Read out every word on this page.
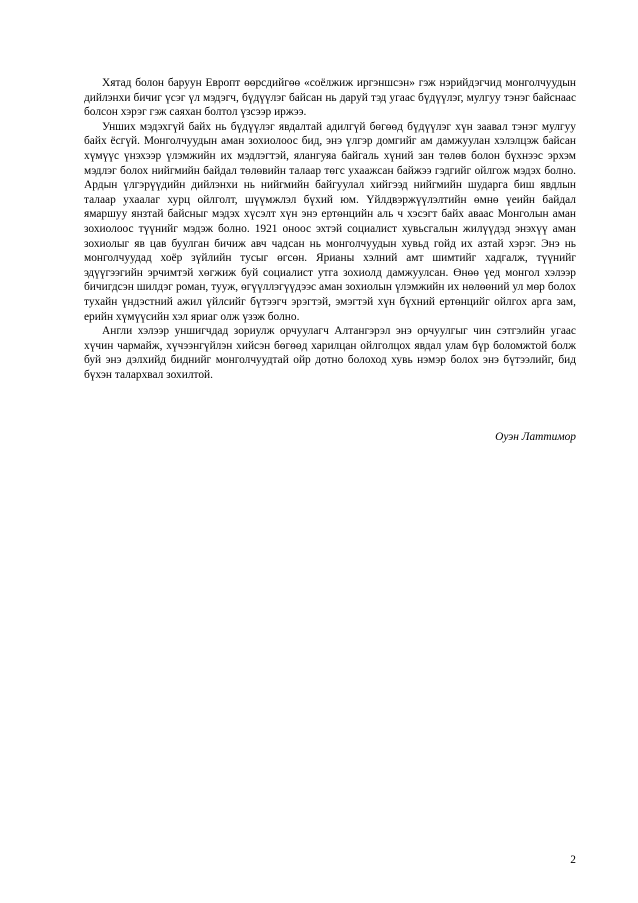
Хятад болон баруун Европт өөрсдийгөө «соёлжиж иргэншсэн» гэж нэрийдэгчид монголчуудын дийлэнхи бичиг үсэг үл мэдэгч, бүдүүлэг байсан нь даруй тэд угаас бүдүүлэг, мулгуу тэнэг байснаас болсон хэрэг гэж саяхан болтол үзсээр иржээ.

Унших мэдэхгүй байх нь бүдүүлэг явдалтай адилгүй бөгөөд бүдүүлэг хүн заавал тэнэг мулгуу байх ёсгүй. Монголчуудын аман зохиолоос бид, энэ үлгэр домгийг ам дамжуулан хэлэлцэж байсан хүмүүс үнэхээр үлэмжийн их мэдлэгтэй, ялангуяа байгаль хүний зан төлөв болон бүхнээс эрхэм мэдлэг болох нийгмийн байдал төлөвийн талаар төгс ухаажсан байжээ гэдгийг ойлгож мэдэх болно. Ардын үлгэрүүдийн дийлэнхи нь нийгмийн байгуулал хийгээд нийгмийн шударга биш явдлын талаар ухаалаг хурц ойлголт, шүүмжлэл бүхий юм. Үйлдвэржүүлэлтийн өмнө үеийн байдал ямаршуу янзтай байсныг мэдэх хүсэлт хүн энэ ертөнцийн аль ч хэсэгт байх аваас Монголын аман зохиолоос түүнийг мэдэж болно. 1921 оноос эхтэй социалист хувьсгалын жилүүдэд энэхүү аман зохиолыг яв цав буулган бичиж авч чадсан нь монголчуудын хувьд гойд их азтай хэрэг. Энэ нь монголчуудад хоёр зүйлийн тусыг өгсөн. Ярианы хэлний амт шимтийг хадгалж, түүнийг эдүүгээгийн эрчимтэй хөгжиж буй социалист утга зохиолд дамжуулсан. Өнөө үед монгол хэлээр бичигдсэн шилдэг роман, тууж, өгүүллэгүүдээс аман зохиолын үлэмжийн их нөлөөний ул мөр болох тухайн үндэстний ажил үйлсийг бүтээгч эрэгтэй, эмэгтэй хүн бүхний ертөнцийг ойлгох арга зам, ерийн хүмүүсийн хэл яриаг олж үзэж болно.

Англи хэлээр уншигчдад зориулж орчуулагч Алтангэрэл энэ орчуулгыг чин сэтгэлийн угаас хүчин чармайж, хүчээнгүйлэн хийсэн бөгөөд харилцан ойлголцох явдал улам бүр боломжтой болж буй энэ дэлхийд биднийг монголчуудтай ойр дотно болоход хувь нэмэр болох энэ бүтээлийг, бид бүхэн талархвал зохилтой.

Оуэн Латтимор
2
